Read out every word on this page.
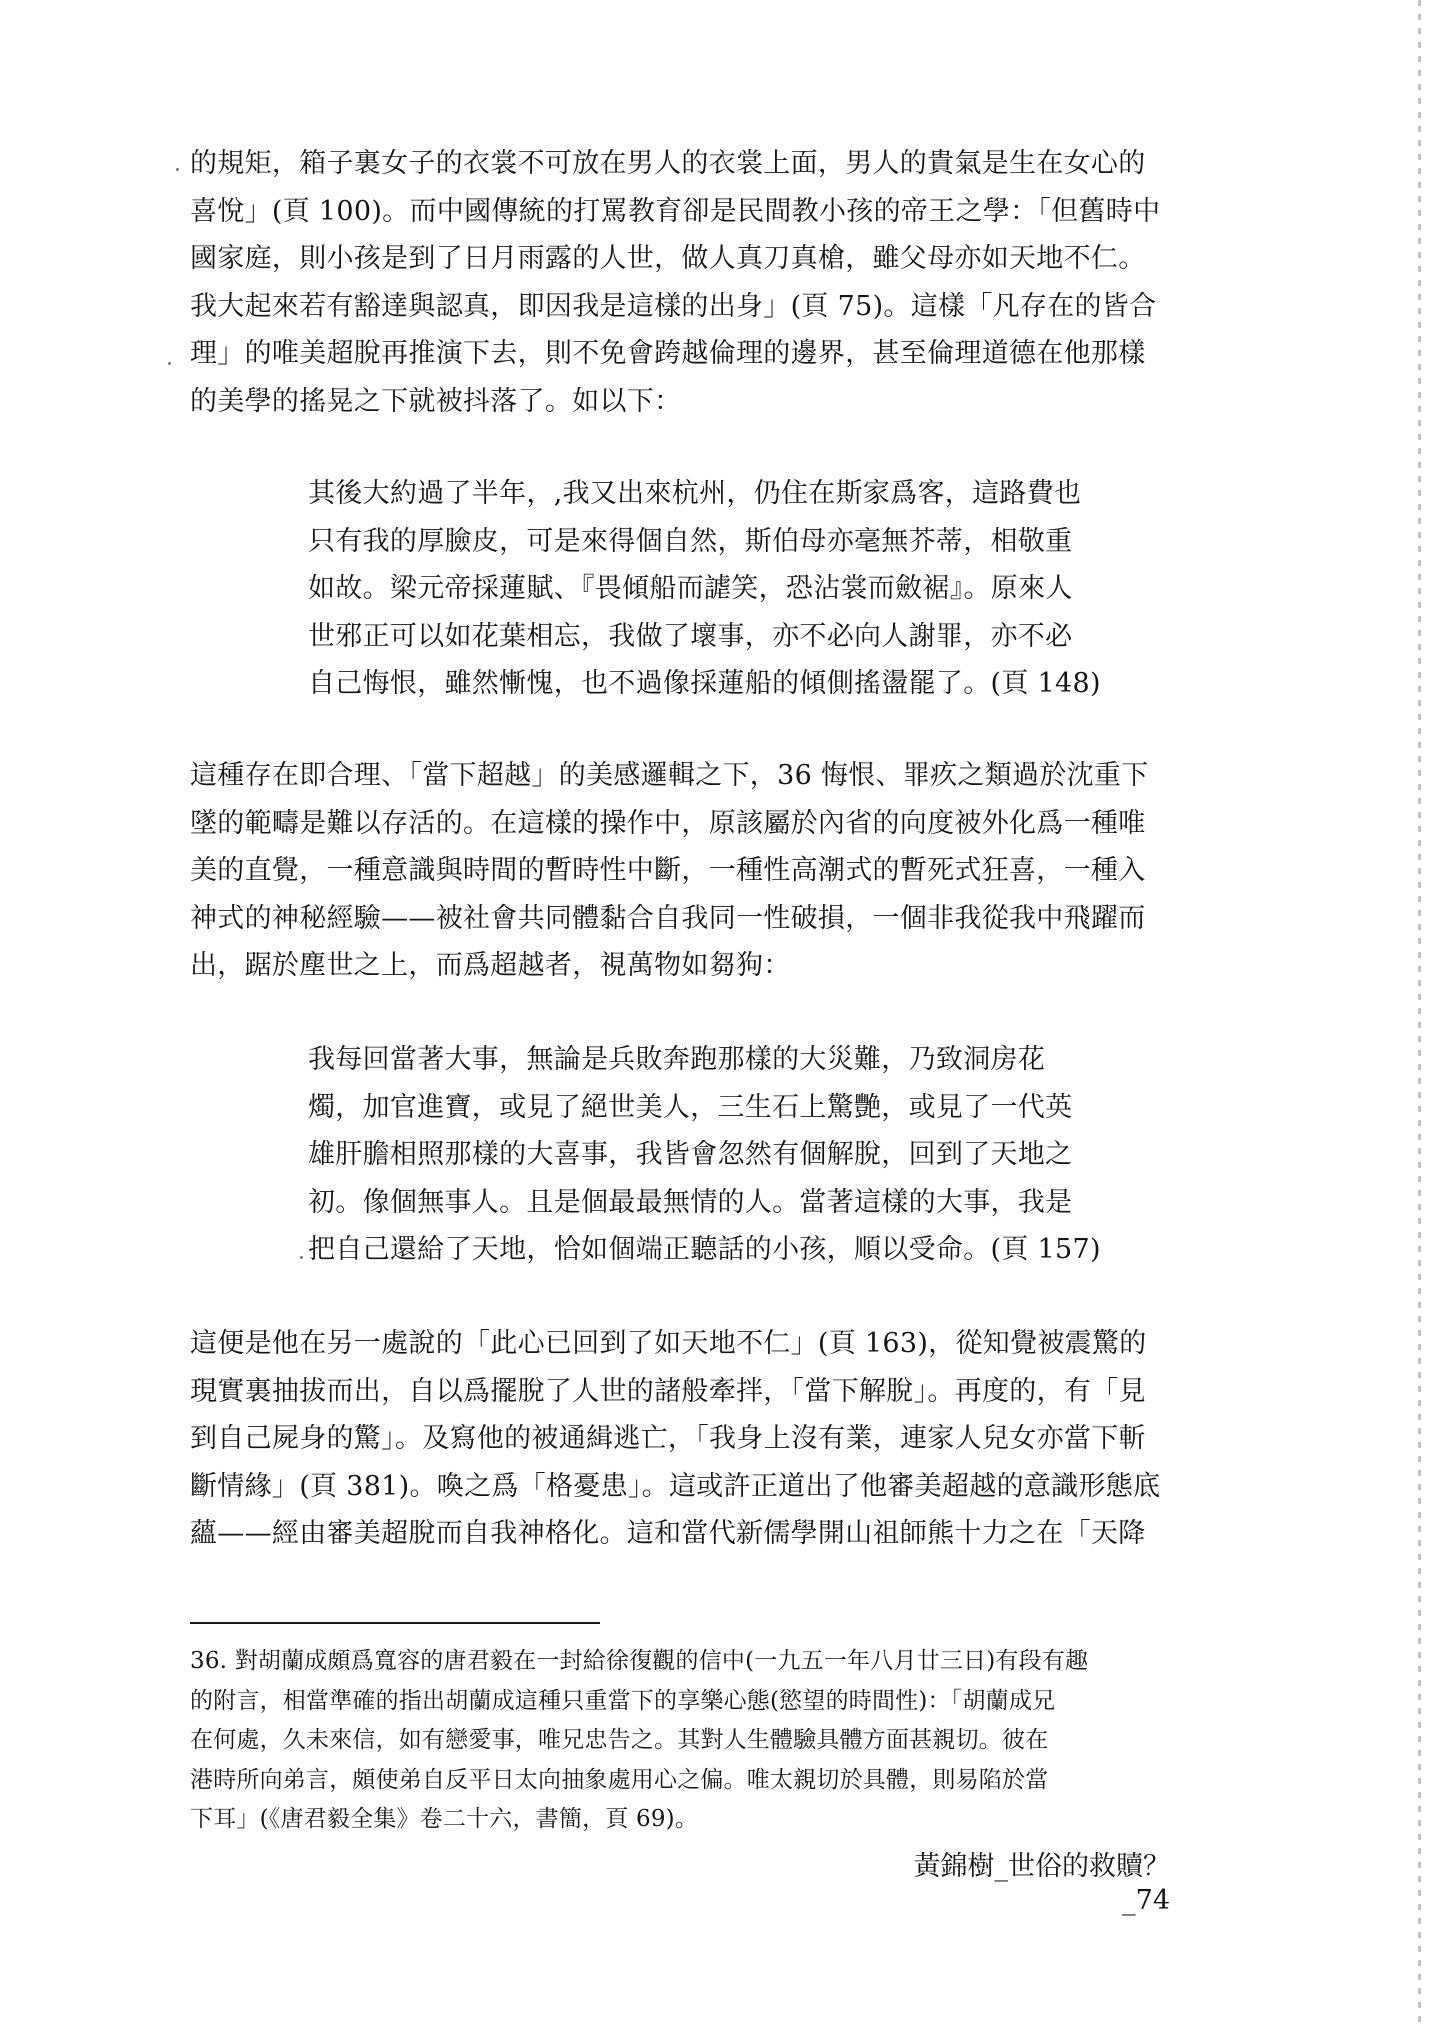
的規矩，箱子裏女子的衣裳不可放在男人的衣裳上面，男人的貴氣是生在女心的
喜悅」(頁 100)。而中國傳統的打罵教育卻是民間教小孩的帝王之學：「但舊時中
國家庭，則小孩是到了日月雨露的人世，做人真刀真槍，雖父母亦如天地不仁。
我大起來若有豁達與認真，即因我是這樣的出身」(頁 75)。這樣「凡存在的皆合
理」的唯美超脫再推演下去，則不免會跨越倫理的邊界，甚至倫理道德在他那樣
的美學的搖晃之下就被抖落了。如以下：
其後大約過了半年，,我又出來杭州，仍住在斯家爲客，這路費也
只有我的厚臉皮，可是來得個自然，斯伯母亦毫無芥蒂，相敬重
如故。梁元帝採蓮賦、『畏傾船而謔笑，恐沾裳而斂裾』。原來人
世邪正可以如花葉相忘，我做了壞事，亦不必向人謝罪，亦不必
自己悔恨，雖然慚愧，也不過像採蓮船的傾側搖盪罷了。(頁 148)
這種存在即合理、「當下超越」的美感邏輯之下，36 悔恨、罪疚之類過於沈重下
墜的範疇是難以存活的。在這樣的操作中，原該屬於內省的向度被外化爲一種唯
美的直覺，一種意識與時間的暫時性中斷，一種性高潮式的暫死式狂喜，一種入
神式的神秘經驗——被社會共同體黏合自我同一性破損，一個非我從我中飛躍而
出，踞於塵世之上，而爲超越者，視萬物如芻狗：
我每回當著大事，無論是兵敗奔跑那樣的大災難，乃致洞房花
燭，加官進寶，或見了絕世美人，三生石上驚艷，或見了一代英
雄肝膽相照那樣的大喜事，我皆會忽然有個解脫，回到了天地之
初。像個無事人。且是個最最無情的人。當著這樣的大事，我是
把自己還給了天地，恰如個端正聽話的小孩，順以受命。(頁 157)
這便是他在另一處說的「此心已回到了如天地不仁」(頁 163)，從知覺被震驚的
現實裏抽拔而出，自以爲擺脫了人世的諸般牽拌，「當下解脫」。再度的，有「見
到自己屍身的驚」。及寫他的被通緝逃亡，「我身上沒有業，連家人兒女亦當下斬
斷情緣」(頁 381)。喚之爲「格憂患」。這或許正道出了他審美超越的意識形態底
蘊——經由審美超脫而自我神格化。這和當代新儒學開山祖師熊十力之在「天降
36. 對胡蘭成頗爲寬容的唐君毅在一封給徐復觀的信中(一九五一年八月廿三日)有段有趣
的附言，相當準確的指出胡蘭成這種只重當下的享樂心態(慾望的時間性)：「胡蘭成兄
在何處，久未來信，如有戀愛事，唯兄忠告之。其對人生體驗具體方面甚親切。彼在
港時所向弟言，頗使弟自反平日太向抽象處用心之偏。唯太親切於具體，則易陷於當
下耳」(《唐君毅全集》卷二十六，書簡，頁 69)。
黃錦樹_世俗的救贖？_74
